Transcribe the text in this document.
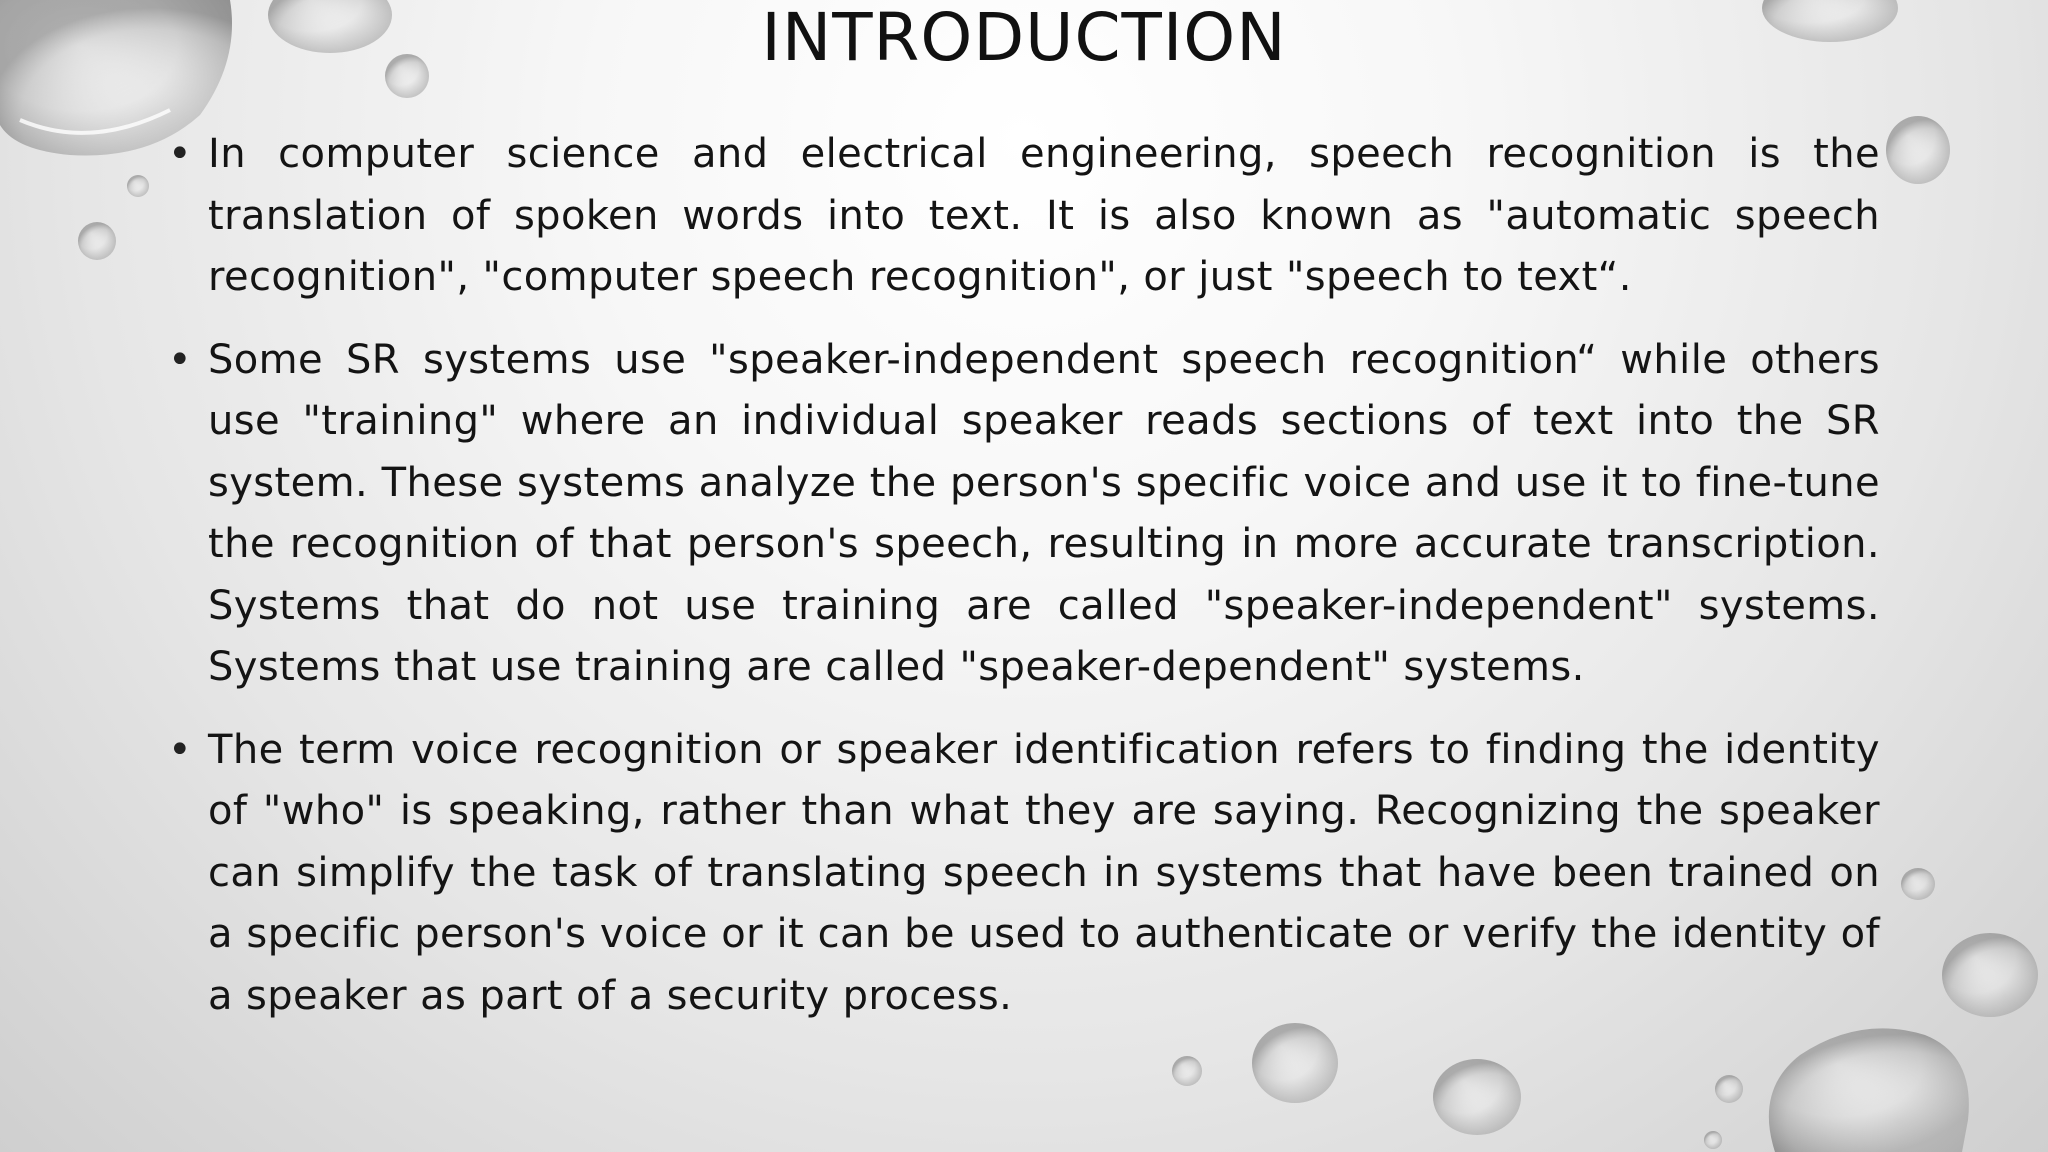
INTRODUCTION
• In computer science and electrical engineering, speech recognition is the translation of spoken words into text. It is also known as "automatic speech recognition", "computer speech recognition", or just "speech to text“.
• Some SR systems use "speaker-independent speech recognition“ while others use "training" where an individual speaker reads sections of text into the SR system. These systems analyze the person's specific voice and use it to fine-tune the recognition of that person's speech, resulting in more accurate transcription. Systems that do not use training are called "speaker-independent" systems. Systems that use training are called "speaker-dependent" systems.
• The term voice recognition or speaker identification refers to finding the identity of "who" is speaking, rather than what they are saying. Recognizing the speaker can simplify the task of translating speech in systems that have been trained on a specific person's voice or it can be used to authenticate or verify the identity of a speaker as part of a security process.
